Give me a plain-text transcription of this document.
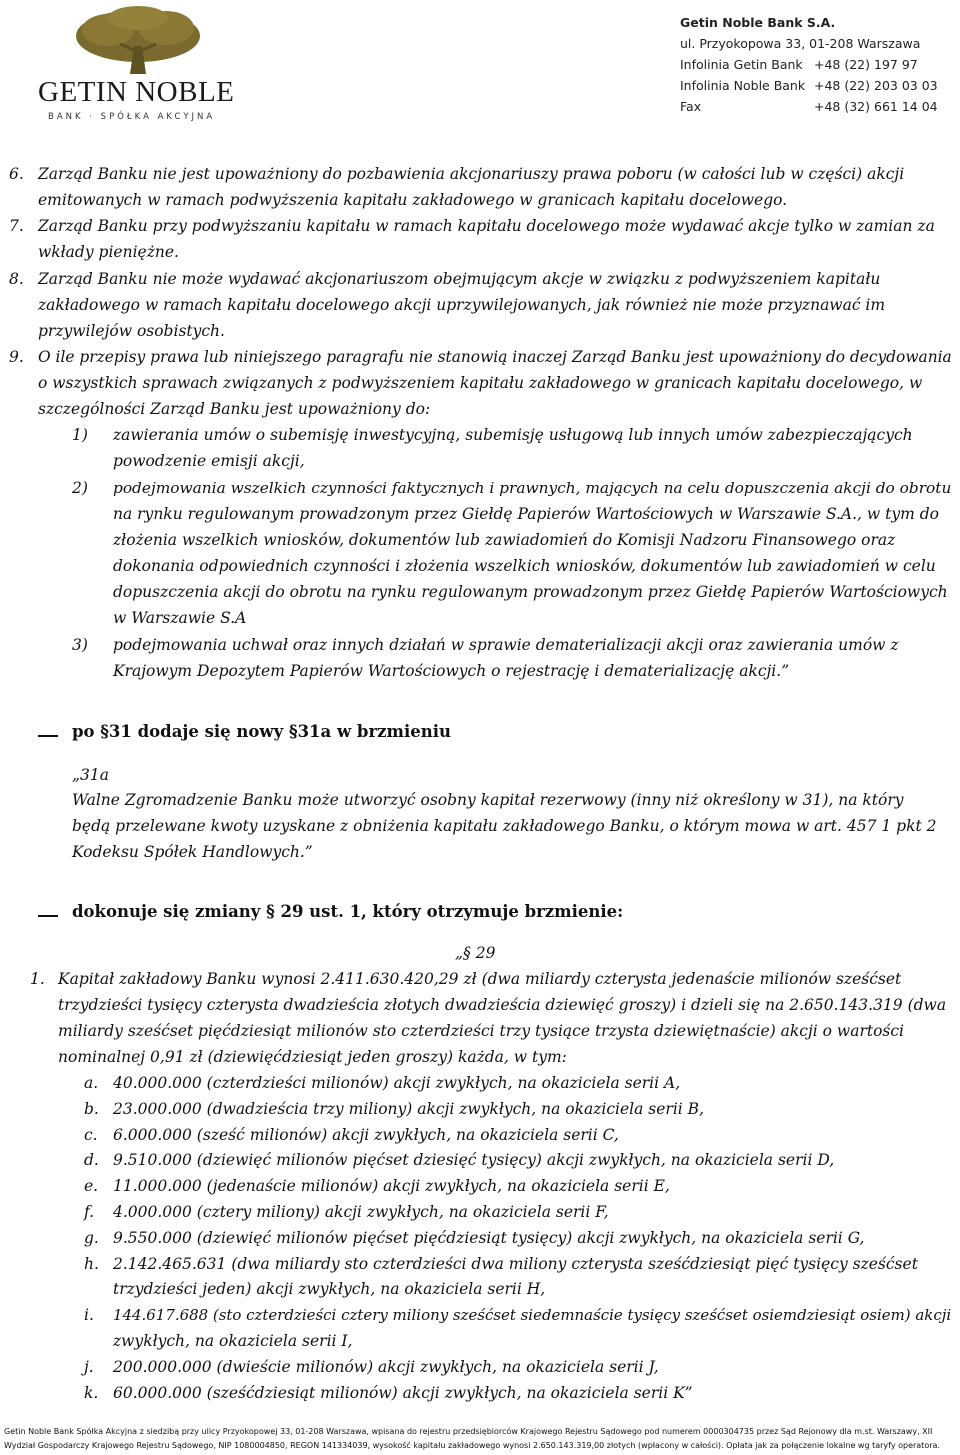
GETIN NOBLE
BANK · SPÓŁKA AKCYJNA
Getin Noble Bank S.A.
ul. Przyokopowa 33, 01-208 Warszawa
Infolinia Getin Bank +48 (22) 197 97
Infolinia Noble Bank +48 (22) 203 03 03
Fax	+48 (32) 661 14 04
6. Zarząd Banku nie jest upoważniony do pozbawienia akcjonariuszy prawa poboru (w całości lub w części) akcji
emitowanych w ramach podwyższenia kapitału zakładowego w granicach kapitału docelowego.
7. Zarząd Banku przy podwyższaniu kapitału w ramach kapitału docelowego może wydawać akcje tylko w zamian za
wkłady pieniężne.
8. Zarząd Banku nie może wydawać akcjonariuszom obejmującym akcje w związku z podwyższeniem kapitału
zakładowego w ramach kapitału docelowego akcji uprzywilejowanych, jak również nie może przyznawać im
przywilejów osobistych.
9. O ile przepisy prawa lub niniejszego paragrafu nie stanowią inaczej Zarząd Banku jest upoważniony do decydowania
o wszystkich sprawach związanych z podwyższeniem kapitału zakładowego w granicach kapitału docelowego, w
szczególności Zarząd Banku jest upoważniony do:
1) zawierania umów o subemisję inwestycyjną, subemisję usługową lub innych umów zabezpieczających
powodzenie emisji akcji,
2) podejmowania wszelkich czynności faktycznych i prawnych, mających na celu dopuszczenia akcji do obrotu
na rynku regulowanym prowadzonym przez Giełdę Papierów Wartościowych w Warszawie S.A., w tym do
złożenia wszelkich wniosków, dokumentów lub zawiadomień do Komisji Nadzoru Finansowego oraz
dokonania odpowiednich czynności i złożenia wszelkich wniosków, dokumentów lub zawiadomień w celu
dopuszczenia akcji do obrotu na rynku regulowanym prowadzonym przez Giełdę Papierów Wartościowych
w Warszawie S.A
3) podejmowania uchwał oraz innych działań w sprawie dematerializacji akcji oraz zawierania umów z
Krajowym Depozytem Papierów Wartościowych o rejestrację i dematerializację akcji.”
po §31 dodaje się nowy §31a w brzmieniu
„31a
Walne Zgromadzenie Banku może utworzyć osobny kapitał rezerwowy (inny niż określony w 31), na który
będą przelewane kwoty uzyskane z obniżenia kapitału zakładowego Banku, o którym mowa w art. 457 1 pkt 2
Kodeksu Spółek Handlowych.”
dokonuje się zmiany § 29 ust. 1, który otrzymuje brzmienie:
„§ 29
1. Kapitał zakładowy Banku wynosi 2.411.630.420,29 zł (dwa miliardy czterysta jedenaście milionów sześćset
trzydzieści tysięcy czterysta dwadzieścia złotych dwadzieścia dziewięć groszy) i dzieli się na 2.650.143.319 (dwa
miliardy sześćset pięćdziesiąt milionów sto czterdzieści trzy tysiące trzysta dziewiętnaście) akcji o wartości
nominalnej 0,91 zł (dziewięćdziesiąt jeden groszy) każda, w tym:
a. 40.000.000 (czterdzieści milionów) akcji zwykłych, na okaziciela serii A,
b. 23.000.000 (dwadzieścia trzy miliony) akcji zwykłych, na okaziciela serii B,
c. 6.000.000 (sześć milionów) akcji zwykłych, na okaziciela serii C,
d. 9.510.000 (dziewięć milionów pięćset dziesięć tysięcy) akcji zwykłych, na okaziciela serii D,
e. 11.000.000 (jedenaście milionów) akcji zwykłych, na okaziciela serii E,
f. 4.000.000 (cztery miliony) akcji zwykłych, na okaziciela serii F,
g. 9.550.000 (dziewięć milionów pięćset pięćdziesiąt tysięcy) akcji zwykłych, na okaziciela serii G,
h. 2.142.465.631 (dwa miliardy sto czterdzieści dwa miliony czterysta sześćdziesiąt pięć tysięcy sześćset
trzydzieści jeden) akcji zwykłych, na okaziciela serii H,
i. 144.617.688 (sto czterdzieści cztery miliony sześćset siedemnaście tysięcy sześćset osiemdziesiąt osiem) akcji
zwykłych, na okaziciela serii I,
j. 200.000.000 (dwieście milionów) akcji zwykłych, na okaziciela serii J,
k. 60.000.000 (sześćdziesiąt milionów) akcji zwykłych, na okaziciela serii K”
Getin Noble Bank Spółka Akcyjna z siedzibą przy ulicy Przyokopowej 33, 01-208 Warszawa, wpisana do rejestru przedsiębiorców Krajowego Rejestru Sądowego pod numerem 0000304735 przez Sąd Rejonowy dla m.st. Warszawy, XII
Wydział Gospodarczy Krajowego Rejestru Sądowego, NIP 1080004850, REGON 141334039, wysokość kapitału zakładowego wynosi 2.650.143.319,00 złotych (wpłacony w całości). Opłata jak za połączenie lokalne wg taryfy operatora.
